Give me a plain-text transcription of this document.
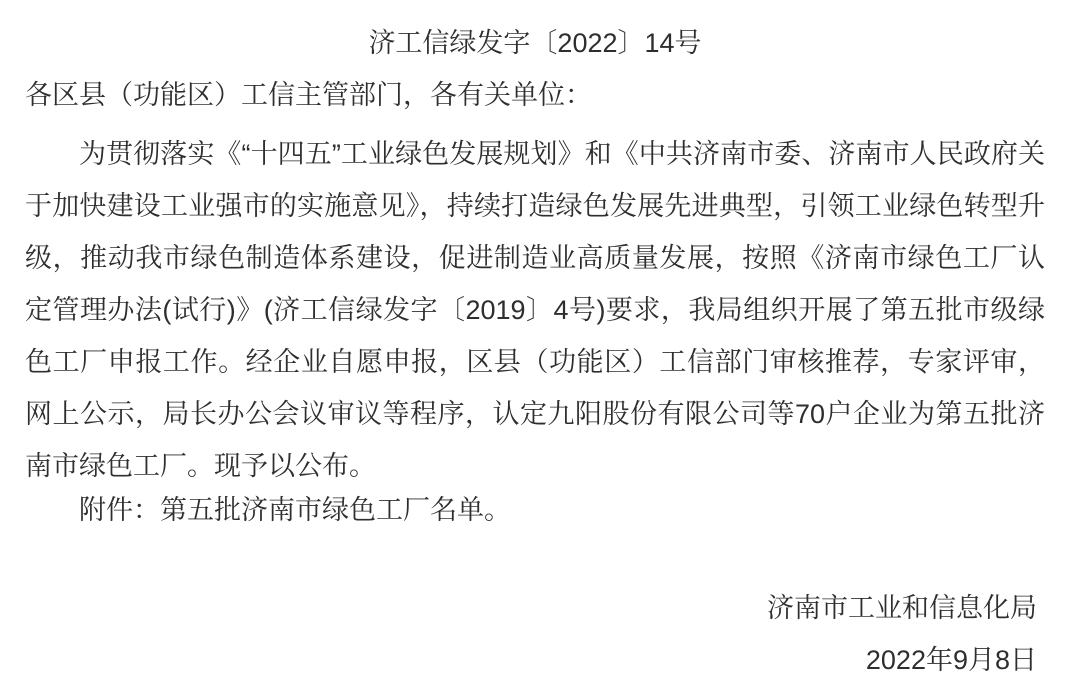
济工信绿发字〔2022〕14号
各区县（功能区）工信主管部门，各有关单位：

为贯彻落实《“十四五”工业绿色发展规划》和《中共济南市委、济南市人民政府关于加快建设工业强市的实施意见》，持续打造绿色发展先进典型，引领工业绿色转型升级，推动我市绿色制造体系建设，促进制造业高质量发展，按照《济南市绿色工厂认定管理办法(试行)》(济工信绿发字〔2019〕4号)要求，我局组织开展了第五批市级绿色工厂申报工作。经企业自愿申报，区县（功能区）工信部门审核推荐，专家评审，网上公示，局长办公会议审议等程序，认定九阳股份有限公司等70户企业为第五批济南市绿色工厂。现予以公布。

附件：第五批济南市绿色工厂名单。

济南市工业和信息化局
2022年9月8日
